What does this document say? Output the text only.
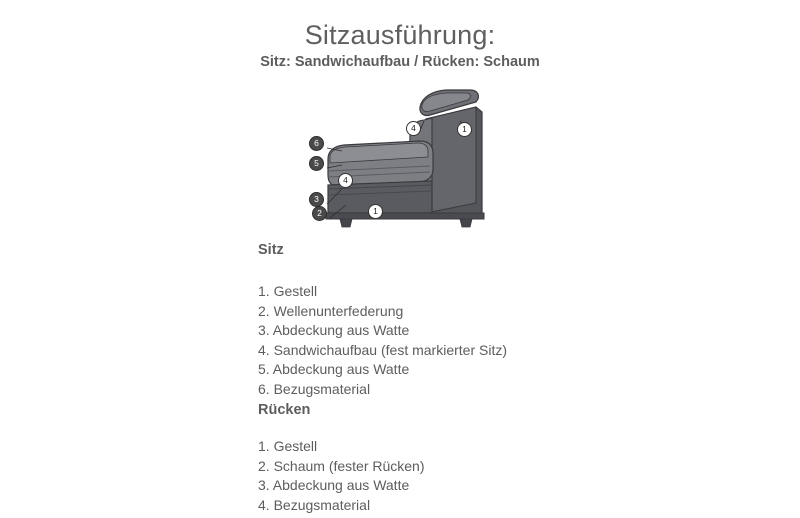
Sitzausführung:
Sitz: Sandwichaufbau / Rücken: Schaum
4	1
6
5
4
3
2	1
Sitz
1. Gestell
2. Wellenunterfederung
3. Abdeckung aus Watte
4. Sandwichaufbau (fest markierter Sitz)
5. Abdeckung aus Watte
6. Bezugsmaterial
Rücken
1. Gestell
2. Schaum (fester Rücken)
3. Abdeckung aus Watte
4. Bezugsmaterial
